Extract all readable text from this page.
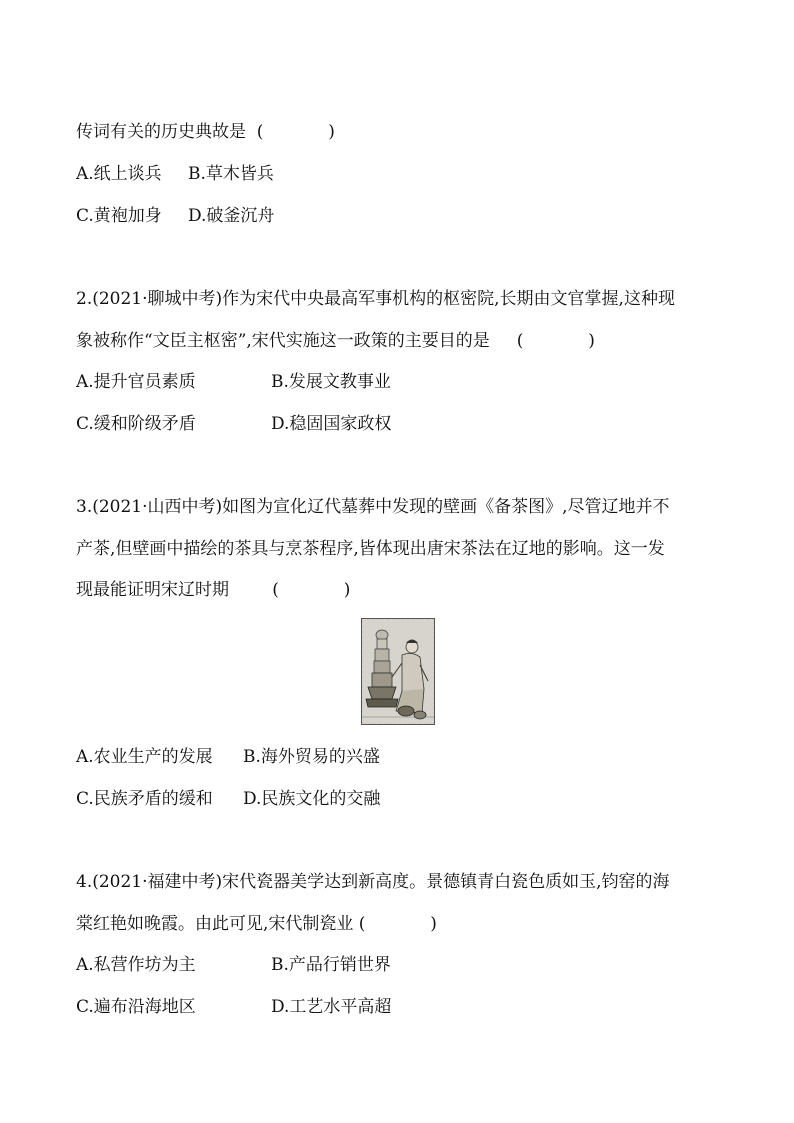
传词有关的历史典故是  (            )
A.纸上谈兵 B.草木皆兵
C.黄袍加身 D.破釜沉舟
2.(2021·聊城中考)作为宋代中央最高军事机构的枢密院,长期由文官掌握,这种现
象被称作“文臣主枢密”,宋代实施这一政策的主要目的是     (            )
A.提升官员素质	B.发展文教事业
C.缓和阶级矛盾	D.稳固国家政权
3.(2021·山西中考)如图为宣化辽代墓葬中发现的壁画《备茶图》,尽管辽地并不
产茶,但壁画中描绘的茶具与烹茶程序,皆体现出唐宋茶法在辽地的影响。这一发
现最能证明宋辽时期        (            )
A.农业生产的发展 B.海外贸易的兴盛
C.民族矛盾的缓和 D.民族文化的交融
4.(2021·福建中考)宋代瓷器美学达到新高度。景德镇青白瓷色质如玉,钧窑的海
棠红艳如晚霞。由此可见,宋代制瓷业 (            )
A.私营作坊为主	B.产品行销世界
C.遍布沿海地区	D.工艺水平高超
